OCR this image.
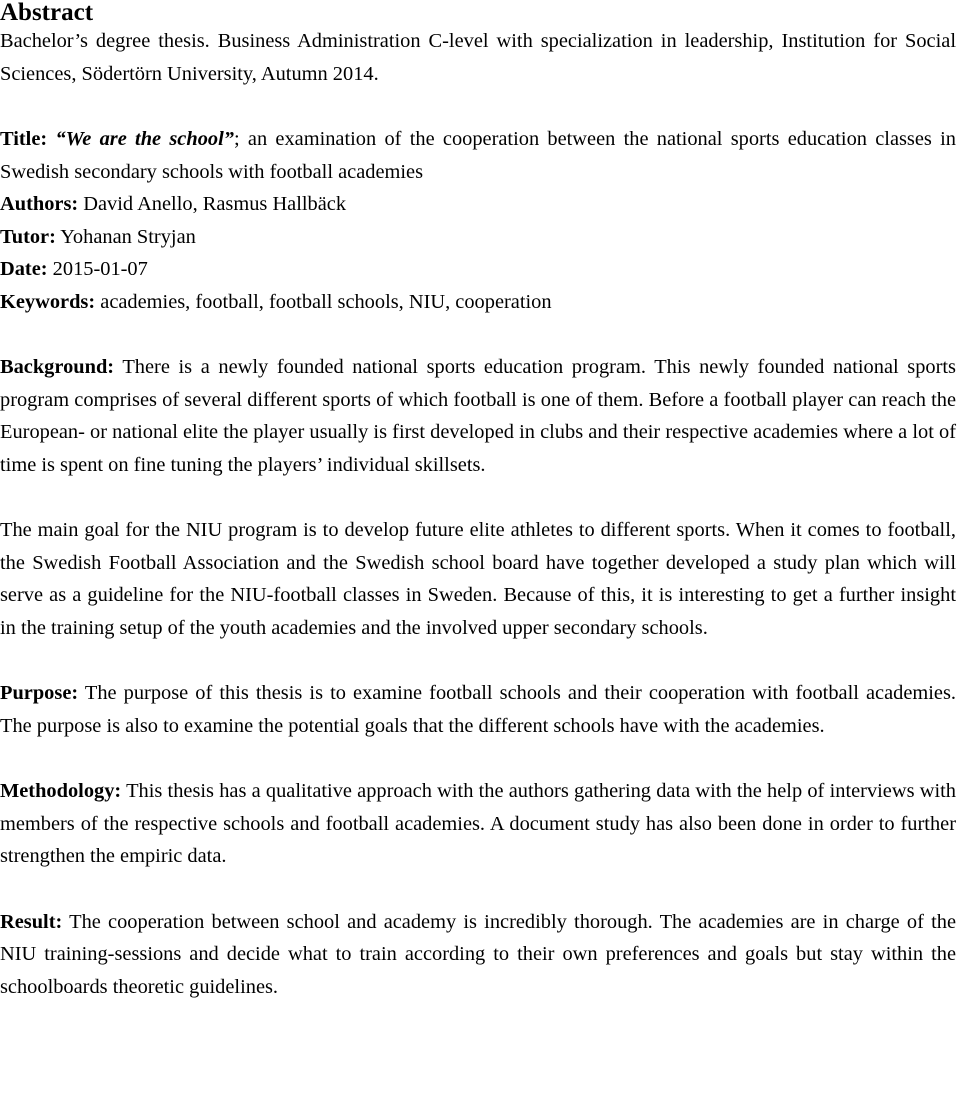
Abstract

Bachelor’s degree thesis. Business Administration C-level with specialization in leadership, Institution for Social Sciences, Södertörn University, Autumn 2014.

Title: “We are the school”; an examination of the cooperation between the national sports education classes in Swedish secondary schools with football academies

Authors: David Anello, Rasmus Hallbäck

Tutor: Yohanan Stryjan

Date: 2015-01-07

Keywords: academies, football, football schools, NIU, cooperation

Background: There is a newly founded national sports education program. This newly founded national sports program comprises of several different sports of which football is one of them. Before a football player can reach the European- or national elite the player usually is first developed in clubs and their respective academies where a lot of time is spent on fine tuning the players’ individual skillsets.

The main goal for the NIU program is to develop future elite athletes to different sports. When it comes to football, the Swedish Football Association and the Swedish school board have together developed a study plan which will serve as a guideline for the NIU-football classes in Sweden. Because of this, it is interesting to get a further insight in the training setup of the youth academies and the involved upper secondary schools.

Purpose: The purpose of this thesis is to examine football schools and their cooperation with football academies. The purpose is also to examine the potential goals that the different schools have with the academies.

Methodology: This thesis has a qualitative approach with the authors gathering data with the help of interviews with members of the respective schools and football academies. A document study has also been done in order to further strengthen the empiric data.

Result: The cooperation between school and academy is incredibly thorough. The academies are in charge of the NIU training-sessions and decide what to train according to their own preferences and goals but stay within the schoolboards theoretic guidelines.
